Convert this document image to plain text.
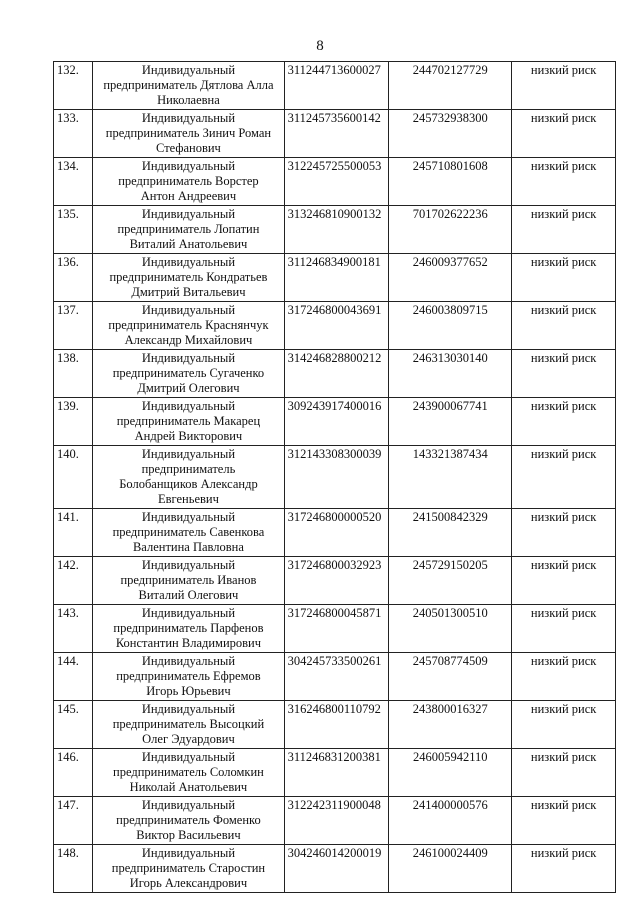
8
132.	Индивидуальный
предприниматель Дятлова Алла
Николаевна	311244713600027	244702127729	низкий риск
133.	Индивидуальный
предприниматель Зинич Роман
Стефанович	311245735600142	245732938300	низкий риск
134.	Индивидуальный
предприниматель Ворстер
Антон Андреевич	312245725500053	245710801608	низкий риск
135.	Индивидуальный
предприниматель Лопатин
Виталий Анатольевич	313246810900132	701702622236	низкий риск
136.	Индивидуальный
предприниматель Кондратьев
Дмитрий Витальевич	311246834900181	246009377652	низкий риск
137.	Индивидуальный
предприниматель Краснянчук
Александр Михайлович	317246800043691	246003809715	низкий риск
138.	Индивидуальный
предприниматель Сугаченко
Дмитрий Олегович	314246828800212	246313030140	низкий риск
139.	Индивидуальный
предприниматель Макарец
Андрей Викторович	309243917400016	243900067741	низкий риск
140.	Индивидуальный
предприниматель
Болобанщиков Александр
Евгеньевич	312143308300039	143321387434	низкий риск
141.	Индивидуальный
предприниматель Савенкова
Валентина Павловна	317246800000520	241500842329	низкий риск
142.	Индивидуальный
предприниматель Иванов
Виталий Олегович	317246800032923	245729150205	низкий риск
143.	Индивидуальный
предприниматель Парфенов
Константин Владимирович	317246800045871	240501300510	низкий риск
144.	Индивидуальный
предприниматель Ефремов
Игорь Юрьевич	304245733500261	245708774509	низкий риск
145.	Индивидуальный
предприниматель Высоцкий
Олег Эдуардович	316246800110792	243800016327	низкий риск
146.	Индивидуальный
предприниматель Соломкин
Николай Анатольевич	311246831200381	246005942110	низкий риск
147.	Индивидуальный
предприниматель Фоменко
Виктор Васильевич	312242311900048	241400000576	низкий риск
148.	Индивидуальный
предприниматель Старостин
Игорь Александрович	304246014200019	246100024409	низкий риск
